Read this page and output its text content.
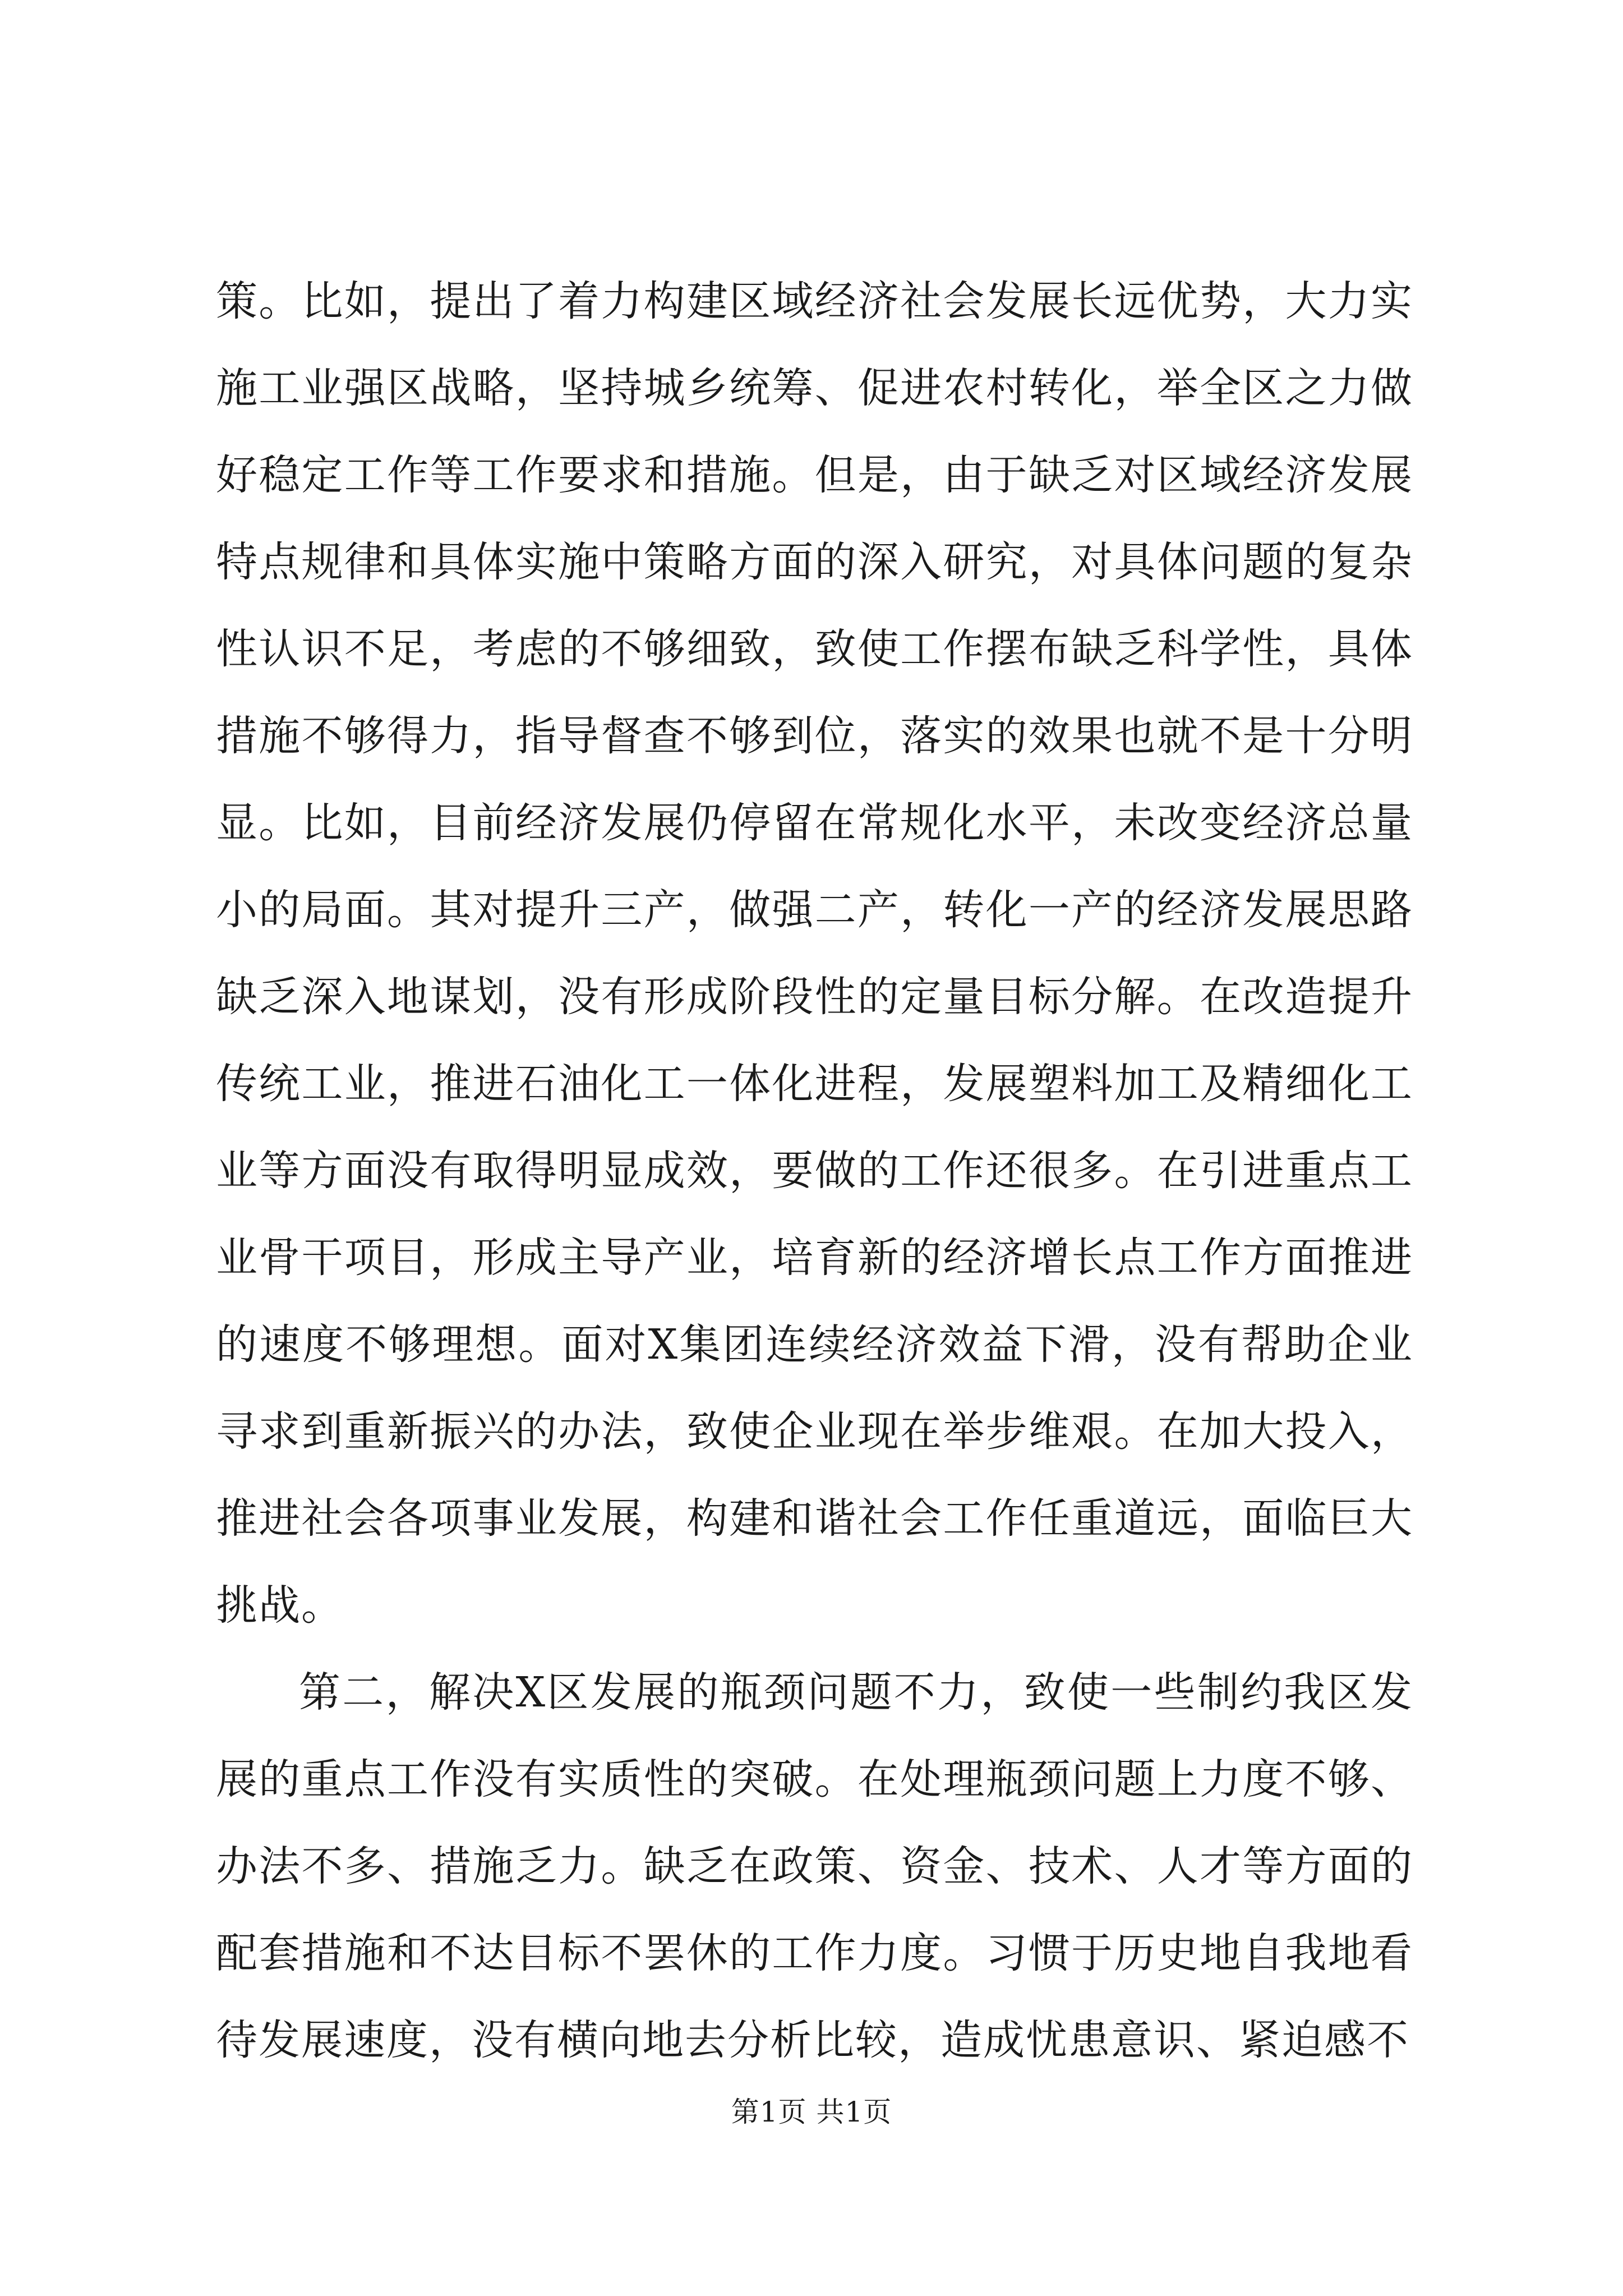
策。比如，提出了着力构建区域经济社会发展长远优势，大力实施工业强区战略，坚持城乡统筹、促进农村转化，举全区之力做好稳定工作等工作要求和措施。但是，由于缺乏对区域经济发展特点规律和具体实施中策略方面的深入研究，对具体问题的复杂性认识不足，考虑的不够细致，致使工作摆布缺乏科学性，具体措施不够得力，指导督查不够到位，落实的效果也就不是十分明显。比如，目前经济发展仍停留在常规化水平，未改变经济总量小的局面。其对提升三产，做强二产，转化一产的经济发展思路缺乏深入地谋划，没有形成阶段性的定量目标分解。在改造提升传统工业，推进石油化工一体化进程，发展塑料加工及精细化工业等方面没有取得明显成效，要做的工作还很多。在引进重点工业骨干项目，形成主导产业，培育新的经济增长点工作方面推进的速度不够理想。面对X集团连续经济效益下滑，没有帮助企业寻求到重新振兴的办法，致使企业现在举步维艰。在加大投入，推进社会各项事业发展，构建和谐社会工作任重道远，面临巨大挑战。

第二，解决X区发展的瓶颈问题不力，致使一些制约我区发展的重点工作没有实质性的突破。在处理瓶颈问题上力度不够、办法不多、措施乏力。缺乏在政策、资金、技术、人才等方面的配套措施和不达目标不罢休的工作力度。习惯于历史地自我地看待发展速度，没有横向地去分析比较，造成忧患意识、紧迫感不

第1页 共1页
